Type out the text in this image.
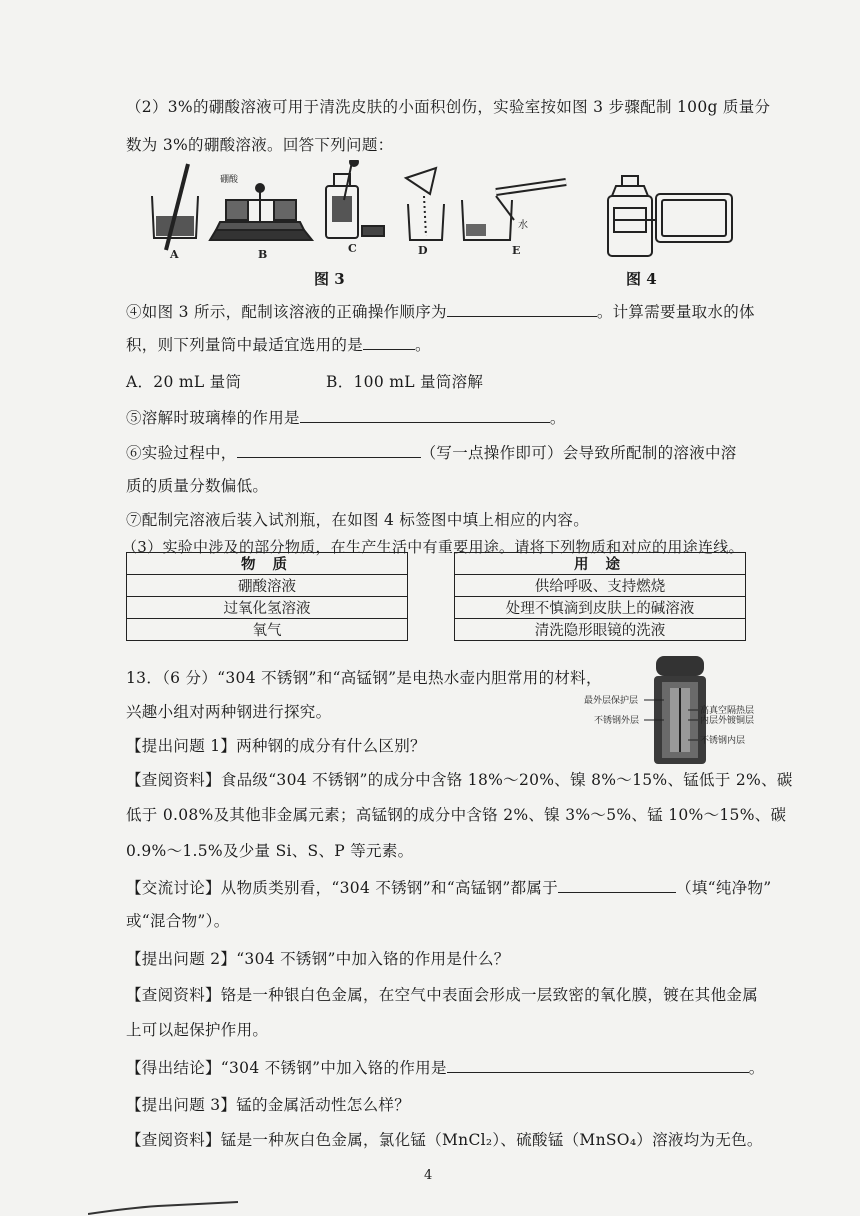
（2）3%的硼酸溶液可用于清洗皮肤的小面积创伤，实验室按如图 3 步骤配制 100g 质量分
数为 3%的硼酸溶液。回答下列问题：
A	B	C	D	E
硼酸
水
图 3	图 4
④如图 3 所示，配制该溶液的正确操作顺序为	。计算需要量取水的体
积，则下列量筒中最适宜选用的是	。
A．20 mL 量筒	B．100 mL 量筒溶解
⑤溶解时玻璃棒的作用是	。
⑥实验过程中，	（写一点操作即可）会导致所配制的溶液中溶
质的质量分数偏低。
⑦配制完溶液后装入试剂瓶，在如图 4 标签图中填上相应的内容。
（3）实验中涉及的部分物质，在生产生活中有重要用途。请将下列物质和对应的用途连线。
物 质		用 途
硼酸溶液		供给呼吸、支持燃烧
过氧化氢溶液		处理不慎滴到皮肤上的碱溶液
氧气		清洗隐形眼镜的洗液
13．（6 分）“304 不锈钢”和“高锰钢”是电热水壶内胆常用的材料，
兴趣小组对两种钢进行探究。
最外层保护层
不锈钢外层
高真空隔热层
内层外镀铜层
不锈钢内层
【提出问题 1】两种钢的成分有什么区别？
【查阅资料】食品级“304 不锈钢”的成分中含铬 18%～20%、镍 8%～15%、锰低于 2%、碳
低于 0.08%及其他非金属元素；高锰钢的成分中含铬 2%、镍 3%～5%、锰 10%～15%、碳
0.9%～1.5%及少量 Si、S、P 等元素。
【交流讨论】从物质类别看，“304 不锈钢”和“高锰钢”都属于	（填“纯净物”
或“混合物”）。
【提出问题 2】“304 不锈钢”中加入铬的作用是什么？
【查阅资料】铬是一种银白色金属，在空气中表面会形成一层致密的氧化膜，镀在其他金属
上可以起保护作用。
【得出结论】“304 不锈钢”中加入铬的作用是	。
【提出问题 3】锰的金属活动性怎么样？
【查阅资料】锰是一种灰白色金属，氯化锰（MnCl₂）、硫酸锰（MnSO₄）溶液均为无色。
4
